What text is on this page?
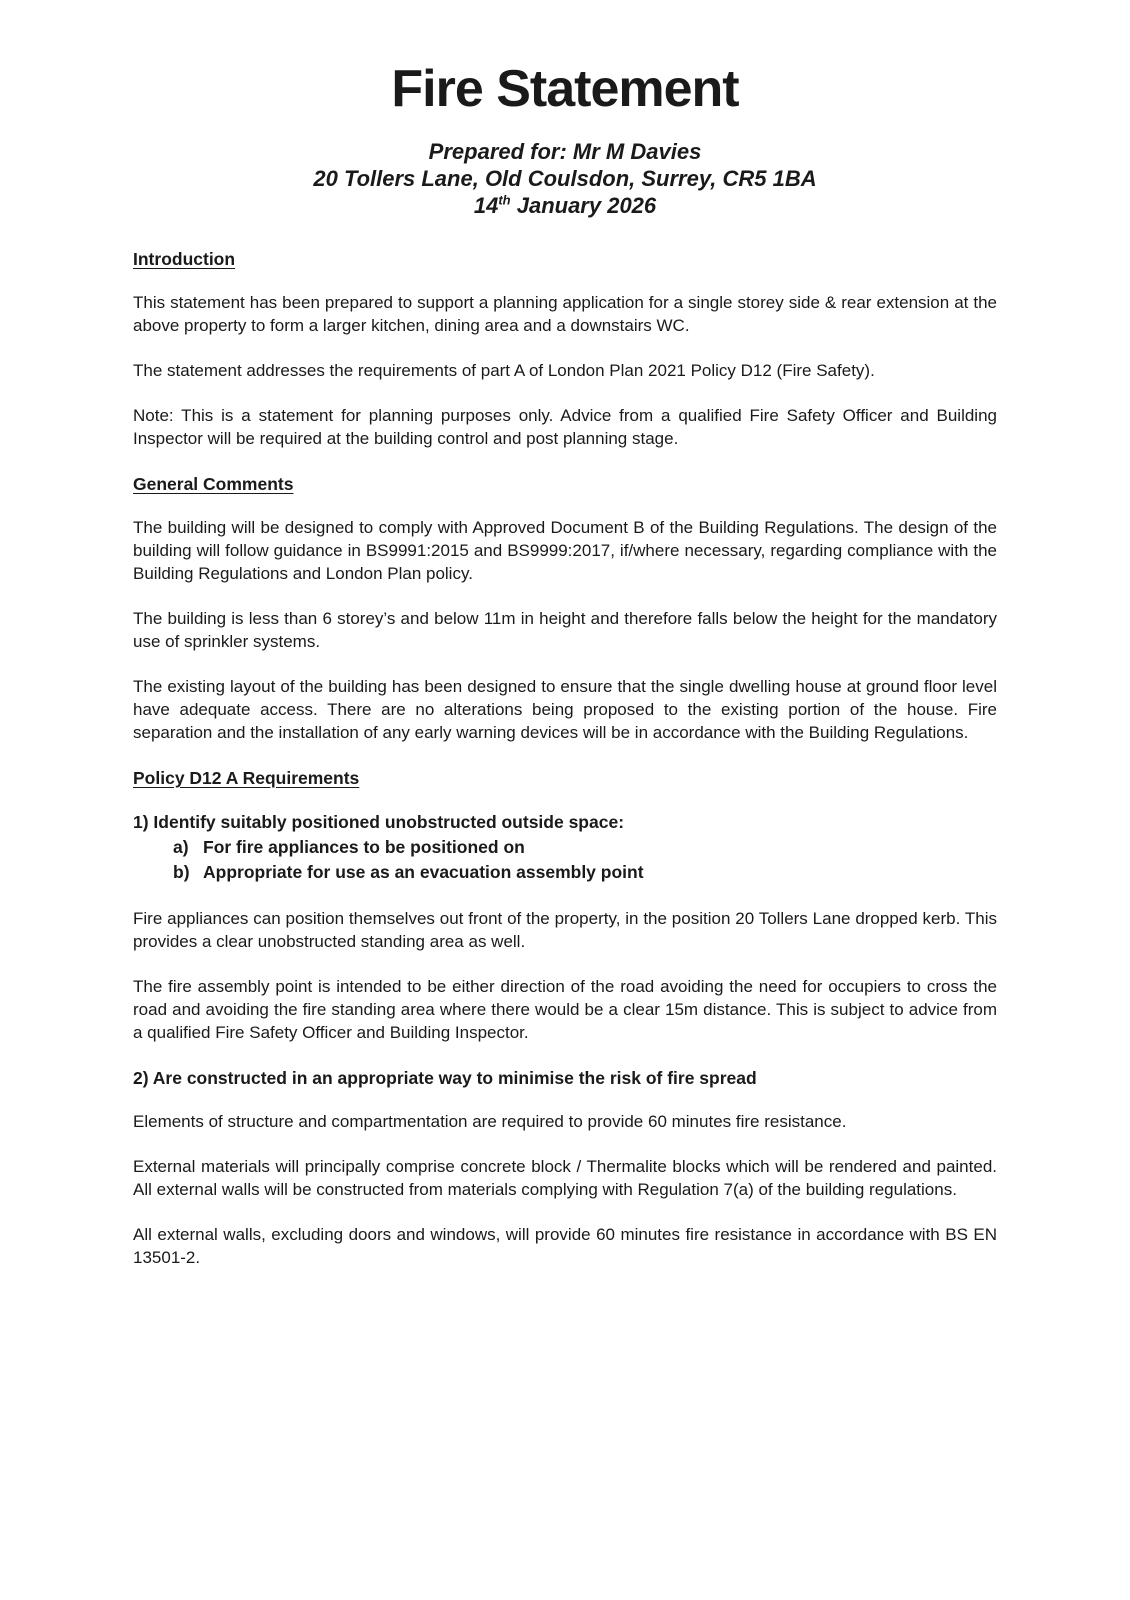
Fire Statement
Prepared for: Mr M Davies
20 Tollers Lane, Old Coulsdon, Surrey, CR5 1BA
14th January 2026
Introduction

This statement has been prepared to support a planning application for a single storey side & rear extension at the above property to form a larger kitchen, dining area and a downstairs WC.

The statement addresses the requirements of part A of London Plan 2021 Policy D12 (Fire Safety).

Note: This is a statement for planning purposes only. Advice from a qualified Fire Safety Officer and Building Inspector will be required at the building control and post planning stage.

General Comments

The building will be designed to comply with Approved Document B of the Building Regulations. The design of the building will follow guidance in BS9991:2015 and BS9999:2017, if/where necessary, regarding compliance with the Building Regulations and London Plan policy.

The building is less than 6 storey’s and below 11m in height and therefore falls below the height for the mandatory use of sprinkler systems.

The existing layout of the building has been designed to ensure that the single dwelling house at ground floor level have adequate access. There are no alterations being proposed to the existing portion of the house. Fire separation and the installation of any early warning devices will be in accordance with the Building Regulations.

Policy D12 A Requirements
1) Identify suitably positioned unobstructed outside space:
a) For fire appliances to be positioned on
b) Appropriate for use as an evacuation assembly point

Fire appliances can position themselves out front of the property, in the position 20 Tollers Lane dropped kerb. This provides a clear unobstructed standing area as well.

The fire assembly point is intended to be either direction of the road avoiding the need for occupiers to cross the road and avoiding the fire standing area where there would be a clear 15m distance. This is subject to advice from a qualified Fire Safety Officer and Building Inspector.

2) Are constructed in an appropriate way to minimise the risk of fire spread

Elements of structure and compartmentation are required to provide 60 minutes fire resistance.

External materials will principally comprise concrete block / Thermalite blocks which will be rendered and painted. All external walls will be constructed from materials complying with Regulation 7(a) of the building regulations.

All external walls, excluding doors and windows, will provide 60 minutes fire resistance in accordance with BS EN 13501-2.
